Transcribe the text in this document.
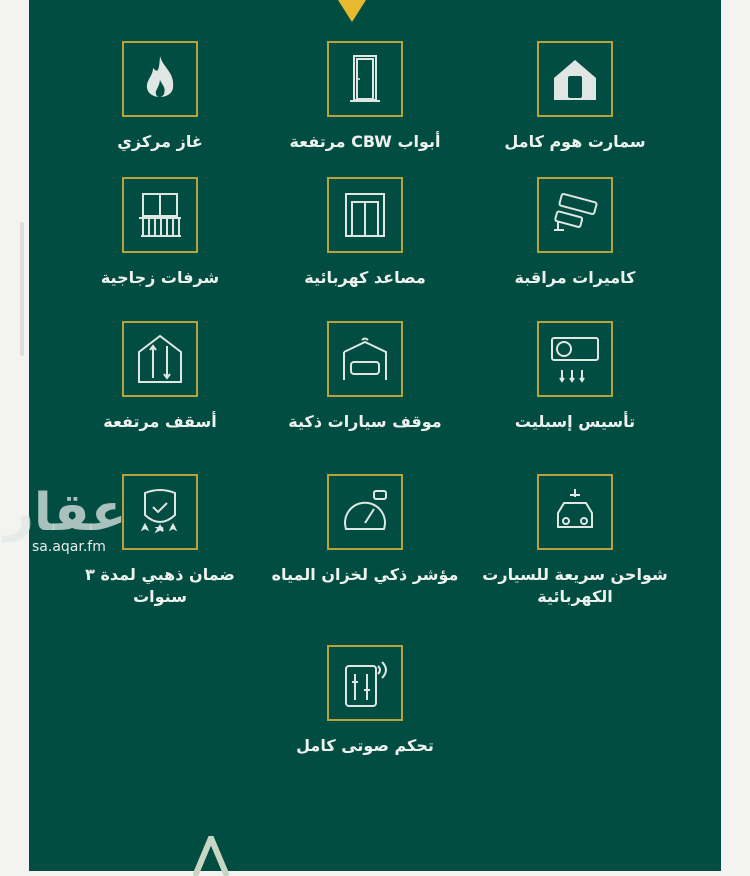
سمارت هوم كامل
أبواب CBW مرتفعة
غاز مركزي
كاميرات مراقبة
مصاعد كهربائية
شرفات زجاجية
تأسيس إسبليت
موقف سيارات ذكية
أسقف مرتفعة
شواحن سريعة للسيارت الكهربائية
مؤشر ذكي لخزان المياه
ضمان ذهبي لمدة ٣ سنوات
تحكم صوتى كامل
عقار
sa.aqar.fm
